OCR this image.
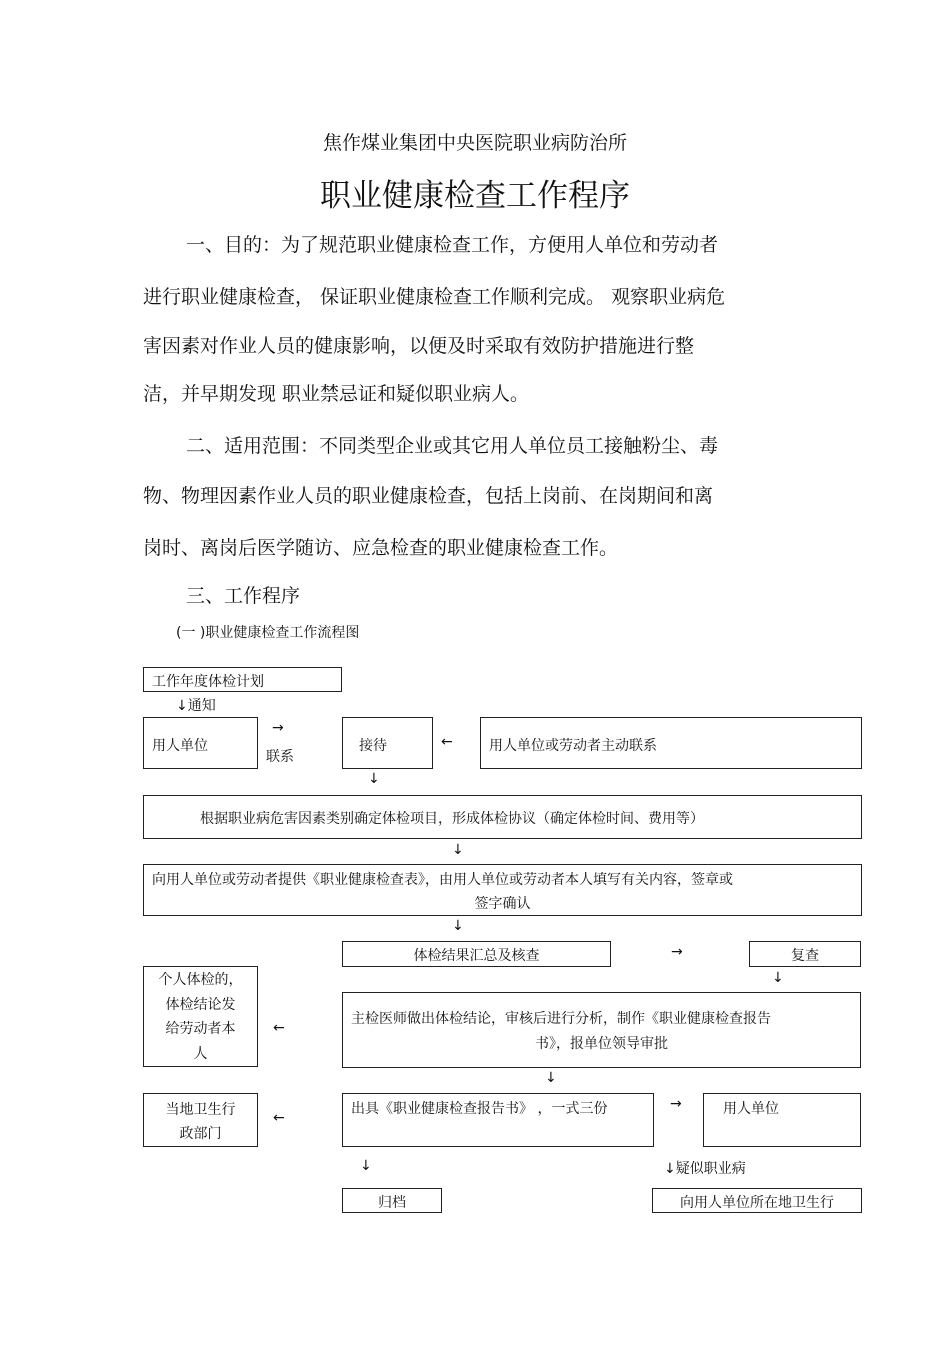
焦作煤业集团中央医院职业病防治所
职业健康检查工作程序
一、目的：为了规范职业健康检查工作，方便用人单位和劳动者
进行职业健康检查， 保证职业健康检查工作顺利完成。 观察职业病危
害因素对作业人员的健康影响，以便及时采取有效防护措施进行整
洁，并早期发现 职业禁忌证和疑似职业病人。
二、适用范围：不同类型企业或其它用人单位员工接触粉尘、毒
物、物理因素作业人员的职业健康检查，包括上岗前、在岗期间和离
岗时、离岗后医学随访、应急检查的职业健康检查工作。
三、工作程序
(一 )职业健康检查工作流程图
工作年度体检计划
↓通知
用人单位
→
联系
接待	←	用人单位或劳动者主动联系
↓
根据职业病危害因素类别确定体检项目，形成体检协议（确定体检时间、费用等）
↓
向用人单位或劳动者提供《职业健康检查表》，由用人单位或劳动者本人填写有关内容，签章或
签字确认
↓
体检结果汇总及核查	→	复查
↓
个人体检的，
体检结论发
给劳动者本
人
←
主检医师做出体检结论，审核后进行分析，制作《职业健康检查报告
书》，报单位领导审批
↓
当地卫生行
政部门
←
出具《职业健康检查报告书》 ，一式三份	→	用人单位
↓	↓疑似职业病
归档	向用人单位所在地卫生行
